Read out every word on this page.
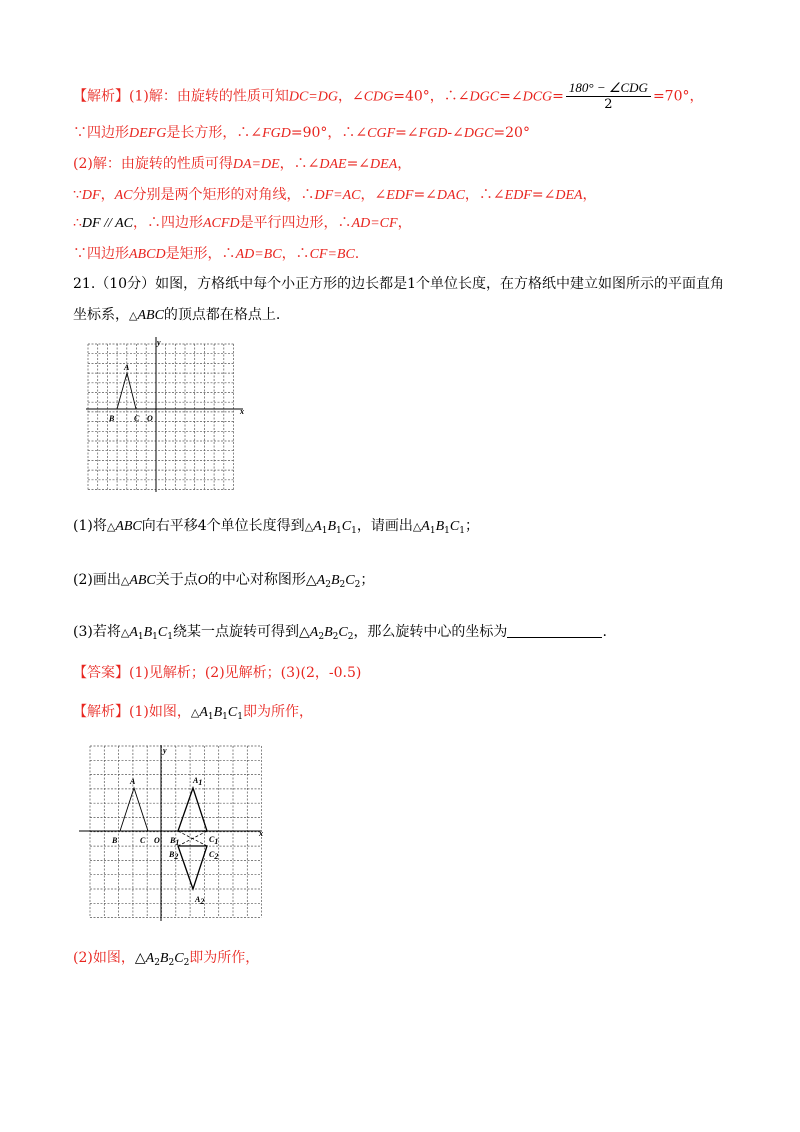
【解析】(1)解：由旋转的性质可知DC=DG，∠CDG=40°，∴∠DGC=∠DCG= $\frac{\text{180° − ∠CDG}}{2} =70^\circ$，
∵四边形DEFG是长方形，∴∠FGD=90°，∴∠CGF=∠FGD-∠DGC=20°
(2)解：由旋转的性质可得DA=DE，∴∠DAE=∠DEA，
∵DF，AC分别是两个矩形的对角线，∴DF=AC，∠EDF=∠DAC，∴∠EDF=∠DEA，
∴DF // AC，∴四边形ACFD是平行四边形，∴AD=CF，
∵四边形ABCD是矩形，∴AD=BC，∴CF=BC.
21.（10分）如图，方格纸中每个小正方形的边长都是1个单位长度，在方格纸中建立如图所示的平面直角
坐标系，△ABC的顶点都在格点上.
y
x
A
B C O
(1)将△ABC向右平移4个单位长度得到$\triangle A_1B_1C_1$，请画出$\triangle A_1B_1C_1$；
(2)画出△ABC关于点O的中心对称图形$\triangle A_2B_2C_2$；
(3)若将$\triangle A_1B_1C_1$绕某一点旋转可得到$\triangle A_2B_2C_2$，那么旋转中心的坐标为	.
【答案】(1)见解析；(2)见解析；(3)(2，-0.5)
【解析】(1)如图，$\triangle A_1B_1C_1$即为所作，
y
x
A
B	C O
A1
B1	C1
B2	C2
A2
(2)如图，$\triangle A_2B_2C_2$即为所作，
